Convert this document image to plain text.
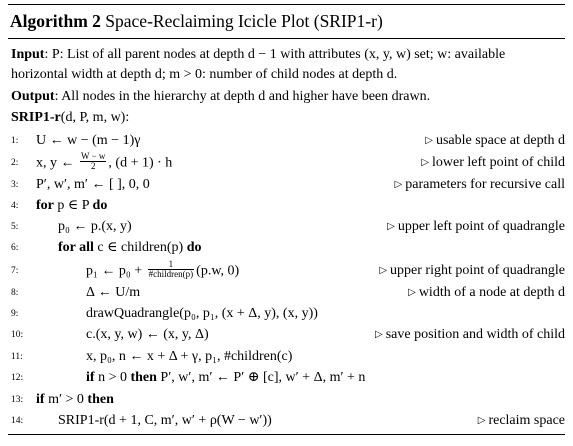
Algorithm 2 Space-Reclaiming Icicle Plot (SRIP1-r)
Input: P: List of all parent nodes at depth d − 1 with attributes (x, y, w) set; w: available
horizontal width at depth d; m > 0: number of child nodes at depth d.
Output: All nodes in the hierarchy at depth d and higher have been drawn.
SRIP1-r(d, P, m, w):
1:	U ← w − (m − 1)γ	▷ usable space at depth d
2:	x, y ← $\frac{W - w}{2}$ , (d + 1) · h	▷ lower left point of child
3:	P′, w′, m′ ← [ ], 0, 0	▷ parameters for recursive call
4:	for p ∈ P do
5:	p₀ ← p.(x, y)	▷ upper left point of quadrangle
6:	for all c ∈ children(p) do
7:	p₁ ← $p_0 + \frac{1}{\text{\#children(p)}} (p.w$, 0)	▷ upper right point of quadrangle
8:	Δ ← U/m	▷ width of a node at depth d
9:	drawQuadrangle(p₀, p₁, (x + Δ, y), (x, y))
10:	c.(x, y, w) ← (x, y, Δ)	▷ save position and width of child
11:	x, p₀, n ← x + Δ + γ, p₁, #children(c)
12:	if n > 0 then P′, w′, m′ ← P′ ⊕ [c], w′ + Δ, m′ + n
13: if m′ > 0 then
14:	SRIP1-r(d + 1, C, m′, w′ + ρ(W − w′))	▷ reclaim space
